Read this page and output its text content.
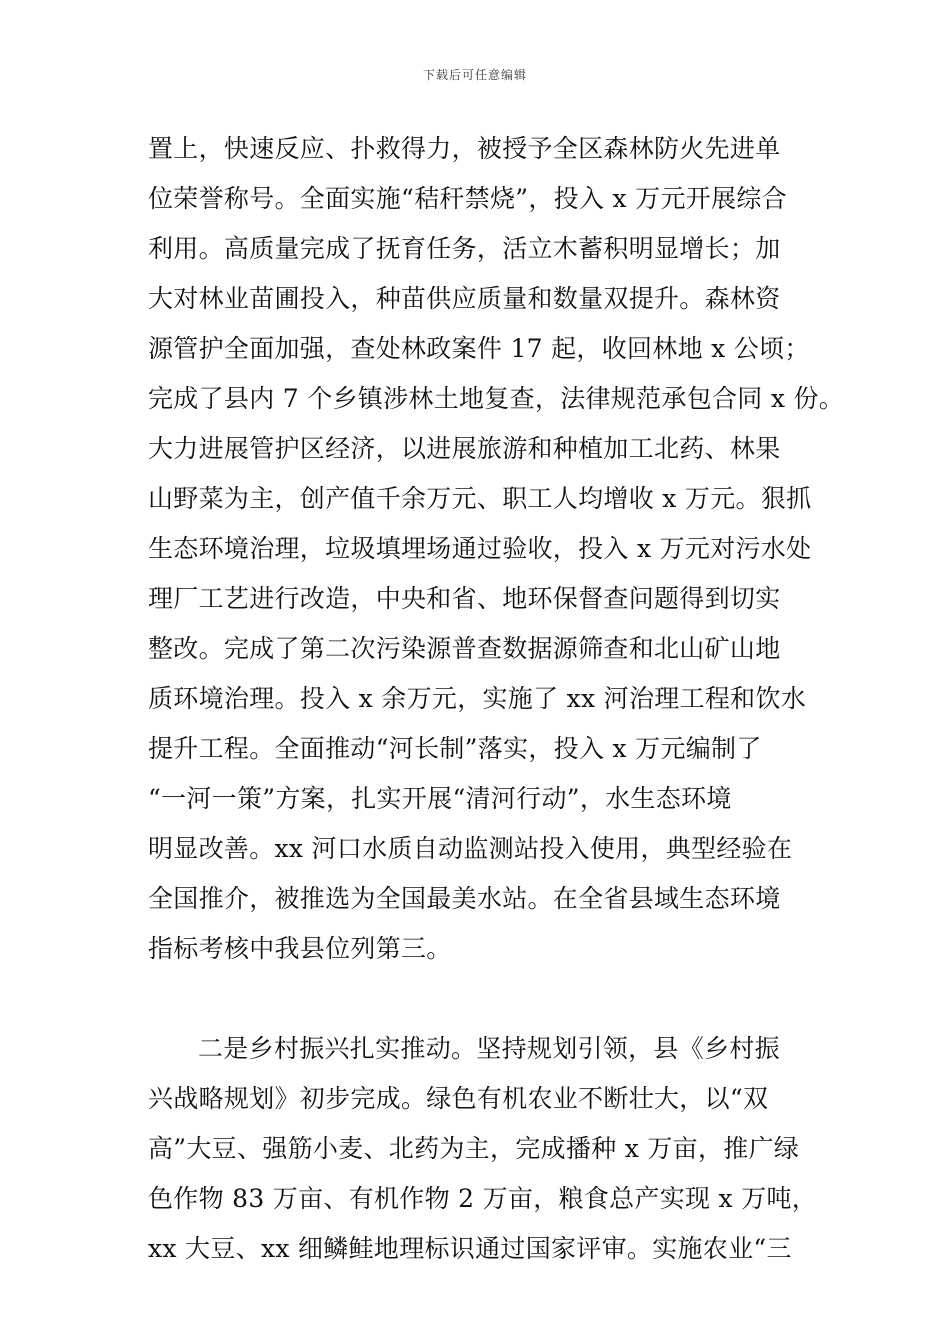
下载后可任意编辑
置上，快速反应、扑救得力，被授予全区森林防火先进单
位荣誉称号。全面实施“秸秆禁烧”，投入 x 万元开展综合
利用。高质量完成了抚育任务，活立木蓄积明显增长；加
大对林业苗圃投入，种苗供应质量和数量双提升。森林资
源管护全面加强，查处林政案件 17 起，收回林地 x 公顷；
完成了县内 7 个乡镇涉林土地复查，法律规范承包合同 x 份。
大力进展管护区经济，以进展旅游和种植加工北药、林果
山野菜为主，创产值千余万元、职工人均增收 x 万元。狠抓
生态环境治理，垃圾填埋场通过验收，投入 x 万元对污水处
理厂工艺进行改造，中央和省、地环保督查问题得到切实
整改。完成了第二次污染源普查数据源筛查和北山矿山地
质环境治理。投入 x 余万元，实施了 xx 河治理工程和饮水
提升工程。全面推动“河长制”落实，投入 x 万元编制了
“一河一策”方案，扎实开展“清河行动”，水生态环境
明显改善。xx 河口水质自动监测站投入使用，典型经验在
全国推介，被推选为全国最美水站。在全省县域生态环境
指标考核中我县位列第三。
二是乡村振兴扎实推动。坚持规划引领，县《乡村振
兴战略规划》初步完成。绿色有机农业不断壮大，以“双
高”大豆、强筋小麦、北药为主，完成播种 x 万亩，推广绿
色作物 83 万亩、有机作物 2 万亩，粮食总产实现 x 万吨，
xx 大豆、xx 细鳞鲑地理标识通过国家评审。实施农业“三
